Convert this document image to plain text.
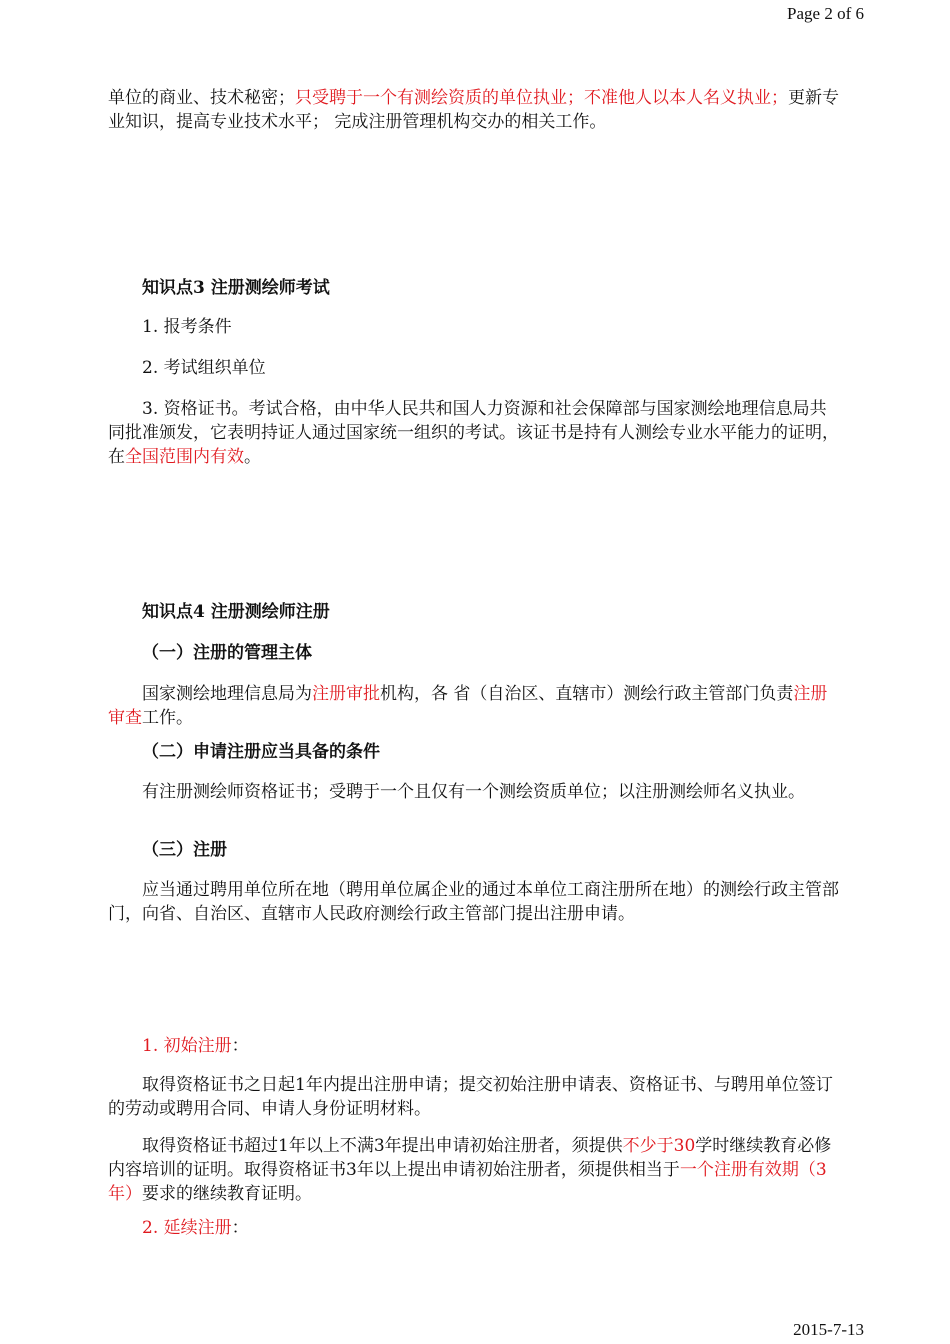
Page 2 of 6

单位的商业、技术秘密；只受聘于一个有测绘资质的单位执业；不准他人以本人名义执业；更新专业知识，提高专业技术水平； 完成注册管理机构交办的相关工作。

知识点3 注册测绘师考试

1. 报考条件

2. 考试组织单位

3. 资格证书。考试合格，由中华人民共和国人力资源和社会保障部与国家测绘地理信息局共同批准颁发，它表明持证人通过国家统一组织的考试。该证书是持有人测绘专业水平能力的证明，在全国范围内有效。

知识点4 注册测绘师注册

（一）注册的管理主体

国家测绘地理信息局为注册审批机构，各 省（自治区、直辖市）测绘行政主管部门负责注册审查工作。

（二）申请注册应当具备的条件

有注册测绘师资格证书；受聘于一个且仅有一个测绘资质单位；以注册测绘师名义执业。

（三）注册

应当通过聘用单位所在地（聘用单位属企业的通过本单位工商注册所在地）的测绘行政主管部门，向省、自治区、直辖市人民政府测绘行政主管部门提出注册申请。

1. 初始注册：

取得资格证书之日起1年内提出注册申请；提交初始注册申请表、资格证书、与聘用单位签订的劳动或聘用合同、申请人身份证明材料。

取得资格证书超过1年以上不满3年提出申请初始注册者，须提供不少于30学时继续教育必修内容培训的证明。取得资格证书3年以上提出申请初始注册者，须提供相当于一个注册有效期（3年）要求的继续教育证明。

2. 延续注册：

2015-7-13
